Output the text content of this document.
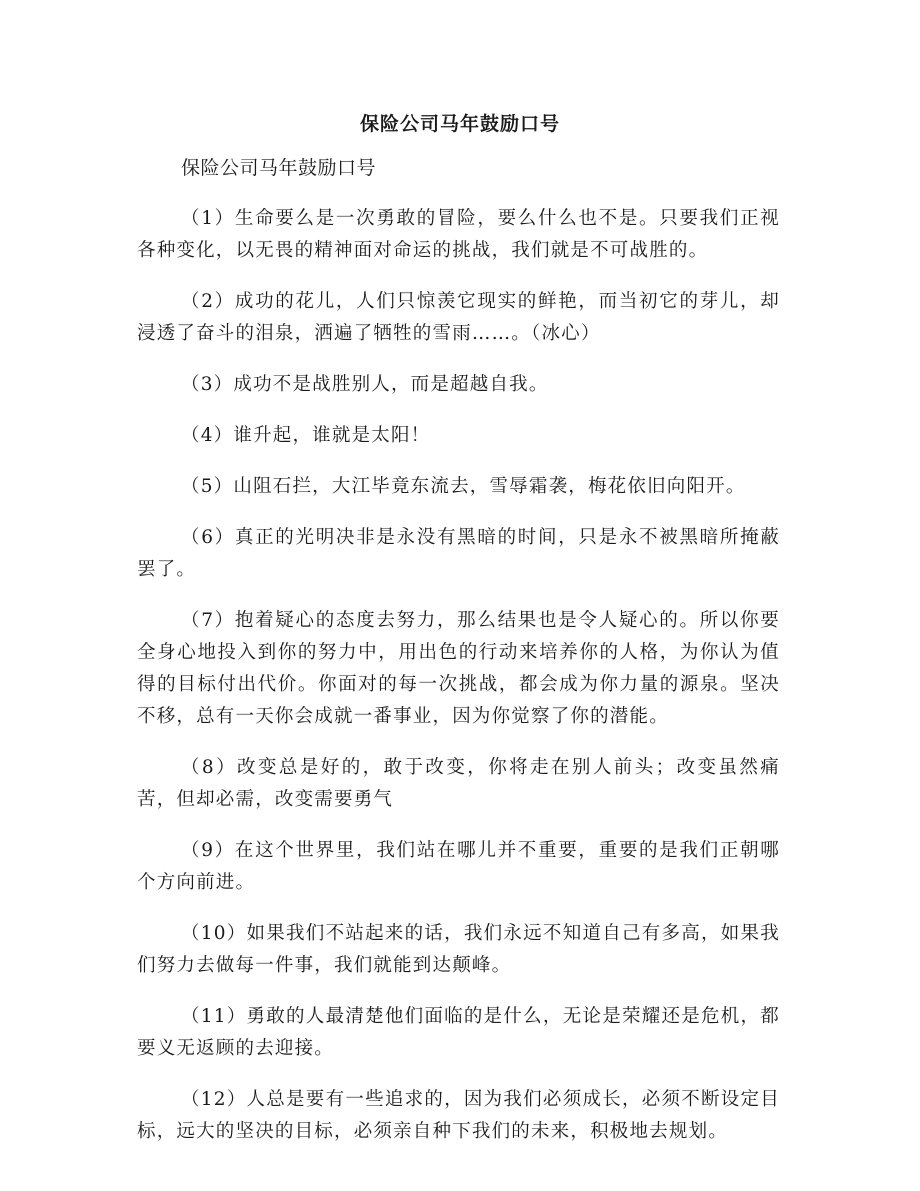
保险公司马年鼓励口号

保险公司马年鼓励口号

（1）生命要么是一次勇敢的冒险，要么什么也不是。只要我们正视各种变化，以无畏的精神面对命运的挑战，我们就是不可战胜的。

（2）成功的花儿，人们只惊羡它现实的鲜艳，而当初它的芽儿，却浸透了奋斗的泪泉，洒遍了牺牲的雪雨……。（冰心）

（3）成功不是战胜别人，而是超越自我。

（4）谁升起，谁就是太阳！

（5）山阻石拦，大江毕竟东流去，雪辱霜袭，梅花依旧向阳开。

（6）真正的光明决非是永没有黑暗的时间，只是永不被黑暗所掩蔽罢了。

（7）抱着疑心的态度去努力，那么结果也是令人疑心的。所以你要全身心地投入到你的努力中，用出色的行动来培养你的人格，为你认为值得的目标付出代价。你面对的每一次挑战，都会成为你力量的源泉。坚决不移，总有一天你会成就一番事业，因为你觉察了你的潜能。

（8）改变总是好的，敢于改变，你将走在别人前头；改变虽然痛苦，但却必需，改变需要勇气

（9）在这个世界里，我们站在哪儿并不重要，重要的是我们正朝哪个方向前进。

（10）如果我们不站起来的话，我们永远不知道自己有多高，如果我们努力去做每一件事，我们就能到达颠峰。

（11）勇敢的人最清楚他们面临的是什么，无论是荣耀还是危机，都要义无返顾的去迎接。

（12）人总是要有一些追求的，因为我们必须成长，必须不断设定目标，远大的坚决的目标，必须亲自种下我们的未来，积极地去规划。
